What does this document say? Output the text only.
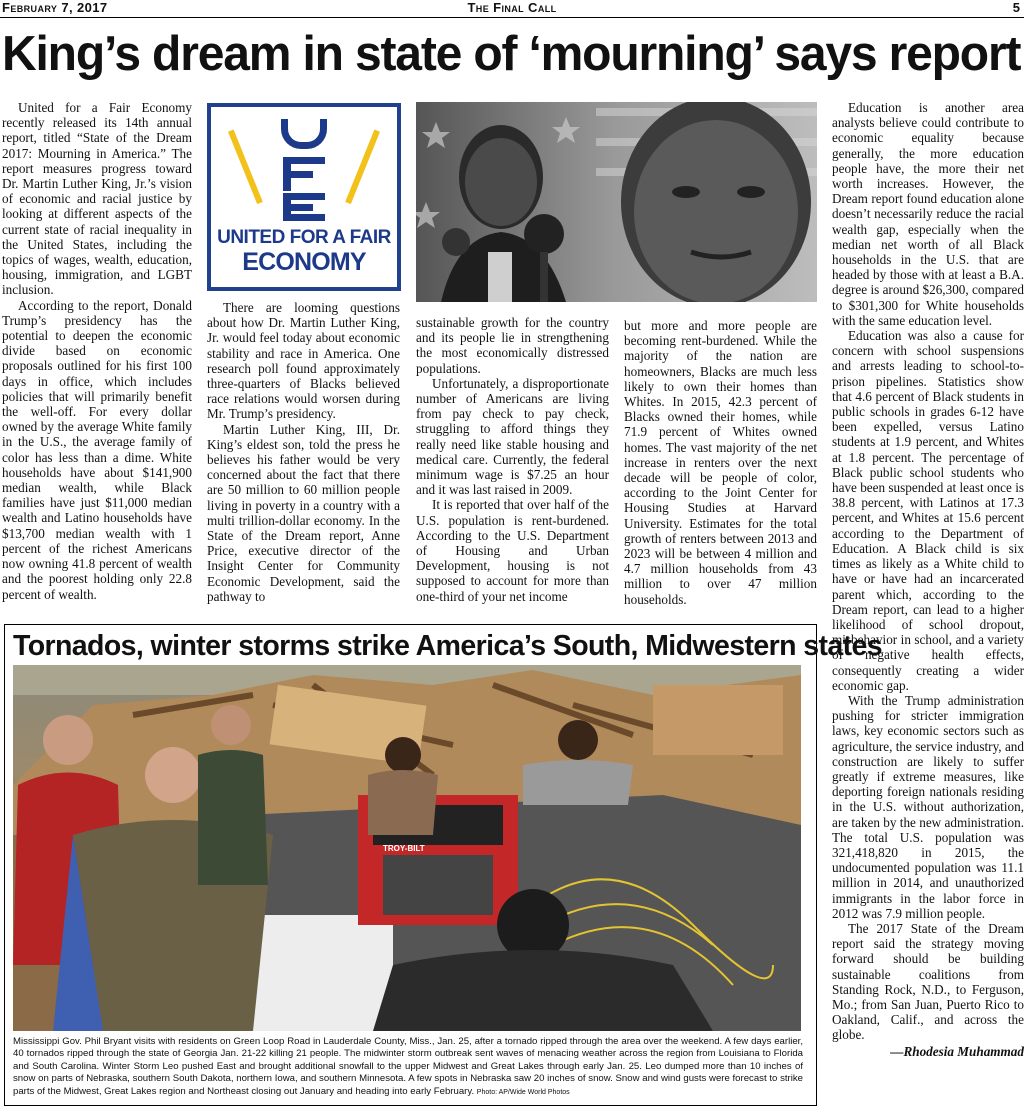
February 7, 2017	The Final Call	5
King’s dream in state of ‘mourning’ says report

United for a Fair Economy recently released its 14th annual report, titled “State of the Dream 2017: Mourning in America.” The report measures progress toward Dr. Martin Luther King, Jr.’s vision of economic and racial justice by looking at different aspects of the current state of racial inequality in the United States, including the topics of wages, wealth, education, housing, immigration, and LGBT inclusion.

According to the report, Donald Trump’s presidency has the potential to deepen the economic divide based on economic proposals outlined for his first 100 days in office, which includes policies that will primarily benefit the well-off. For every dollar owned by the average White family in the U.S., the average family of color has less than a dime. White households have about $141,900 median wealth, while Black families have just $11,000 median wealth and Latino households have $13,700 median wealth with 1 percent of the richest Americans now owning 41.8 percent of wealth and the poorest holding only 22.8 percent of wealth.

UNITED FOR A FAIR
ECONOMY

There are looming questions about how Dr. Martin Luther King, Jr. would feel today about economic stability and race in America. One research poll found approximately three-quarters of Blacks believed race relations would worsen during Mr. Trump’s presidency.

Martin Luther King, III, Dr. King’s eldest son, told the press he believes his father would be very concerned about the fact that there are 50 million to 60 million people living in poverty in a country with a multi trillion-dollar economy. In the State of the Dream report, Anne Price, executive director of the Insight Center for Community Economic Development, said the pathway to

sustainable growth for the country and its people lie in strengthening the most economically distressed populations.

Unfortunately, a disproportionate number of Americans are living from pay check to pay check, struggling to afford things they really need like stable housing and medical care. Currently, the federal minimum wage is $7.25 an hour and it was last raised in 2009.

It is reported that over half of the U.S. population is rent-burdened. According to the U.S. Department of Housing and Urban Development, housing is not supposed to account for more than one-third of your net income

but more and more people are becoming rent-burdened. While the majority of the nation are homeowners, Blacks are much less likely to own their homes than Whites. In 2015, 42.3 percent of Blacks owned their homes, while 71.9 percent of Whites owned homes. The vast majority of the net increase in renters over the next decade will be people of color, according to the Joint Center for Housing Studies at Harvard University. Estimates for the total growth of renters between 2013 and 2023 will be between 4 million and 4.7 million households from 43 million to over 47 million households.

Education is another area analysts believe could contribute to economic equality because generally, the more education people have, the more their net worth increases. However, the Dream report found education alone doesn’t necessarily reduce the racial wealth gap, especially when the median net worth of all Black households in the U.S. that are headed by those with at least a B.A. degree is around $26,300, compared to $301,300 for White households with the same education level.

Education was also a cause for concern with school suspensions and arrests leading to school-to-prison pipelines. Statistics show that 4.6 percent of Black students in public schools in grades 6-12 have been expelled, versus Latino students at 1.9 percent, and Whites at 1.8 percent. The percentage of Black public school students who have been suspended at least once is 38.8 percent, with Latinos at 17.3 percent, and Whites at 15.6 percent according to the Department of Education. A Black child is six times as likely as a White child to have or have had an incarcerated parent which, according to the Dream report, can lead to a higher likelihood of school dropout, misbehavior in school, and a variety of negative health effects, consequently creating a wider economic gap.

With the Trump administration pushing for stricter immigration laws, key economic sectors such as agriculture, the service industry, and construction are likely to suffer greatly if extreme measures, like deporting foreign nationals residing in the U.S. without authorization, are taken by the new administration. The total U.S. population was 321,418,820 in 2015, the undocumented population was 11.1 million in 2014, and unauthorized immigrants in the labor force in 2012 was 7.9 million people.

The 2017 State of the Dream report said the strategy moving forward should be building sustainable coalitions from Standing Rock, N.D., to Ferguson, Mo.; from San Juan, Puerto Rico to Oakland, Calif., and across the globe.

—Rhodesia Muhammad

Tornados, winter storms strike America’s South, Midwestern states
TROY-BILT
Mississippi Gov. Phil Bryant visits with residents on Green Loop Road in Lauderdale County, Miss., Jan. 25, after a tornado ripped through the area over the weekend. A few days earlier, 40 tornados ripped through the state of Georgia Jan. 21-22 killing 21 people. The midwinter storm outbreak sent waves of menacing weather across the region from Louisiana to Florida and South Carolina. Winter Storm Leo pushed East and brought additional snowfall to the upper Midwest and Great Lakes through early Jan. 25. Leo dumped more than 10 inches of snow on parts of Nebraska, southern South Dakota, northern Iowa, and southern Minnesota. A few spots in Nebraska saw 20 inches of snow. Snow and wind gusts were forecast to strike parts of the Midwest, Great Lakes region and Northeast closing out January and heading into early February. Photo: AP/Wide World Photos
